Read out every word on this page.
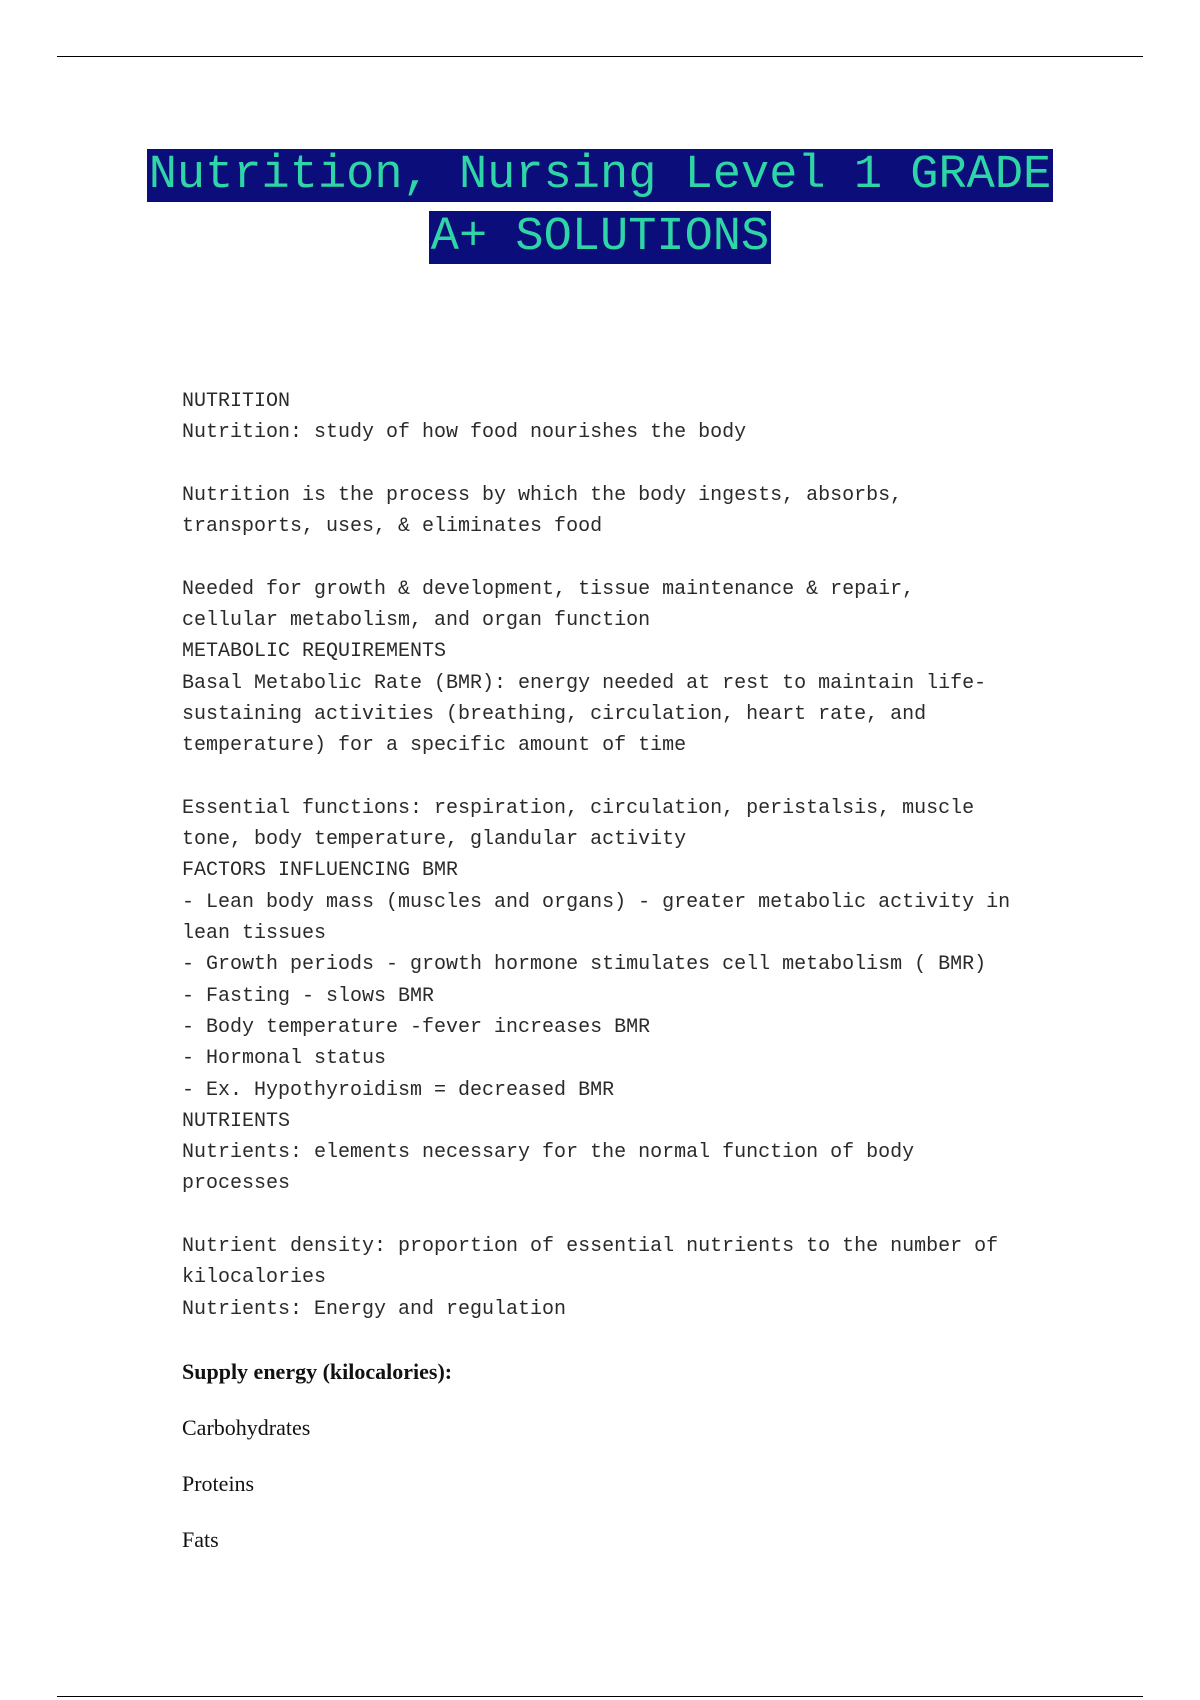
Nutrition, Nursing Level 1 GRADE
A+ SOLUTIONS
NUTRITION
Nutrition: study of how food nourishes the body
Nutrition is the process by which the body ingests, absorbs,
transports, uses, & eliminates food
Needed for growth & development, tissue maintenance & repair,
cellular metabolism, and organ function
METABOLIC REQUIREMENTS
Basal Metabolic Rate (BMR): energy needed at rest to maintain life-
sustaining activities (breathing, circulation, heart rate, and
temperature) for a specific amount of time
Essential functions: respiration, circulation, peristalsis, muscle
tone, body temperature, glandular activity
FACTORS INFLUENCING BMR
- Lean body mass (muscles and organs) - greater metabolic activity in
lean tissues
- Growth periods - growth hormone stimulates cell metabolism ( BMR)
- Fasting - slows BMR
- Body temperature -fever increases BMR
- Hormonal status
- Ex. Hypothyroidism = decreased BMR
NUTRIENTS
Nutrients: elements necessary for the normal function of body
processes
Nutrient density: proportion of essential nutrients to the number of
kilocalories
Nutrients: Energy and regulation
Supply energy (kilocalories):
Carbohydrates
Proteins
Fats
